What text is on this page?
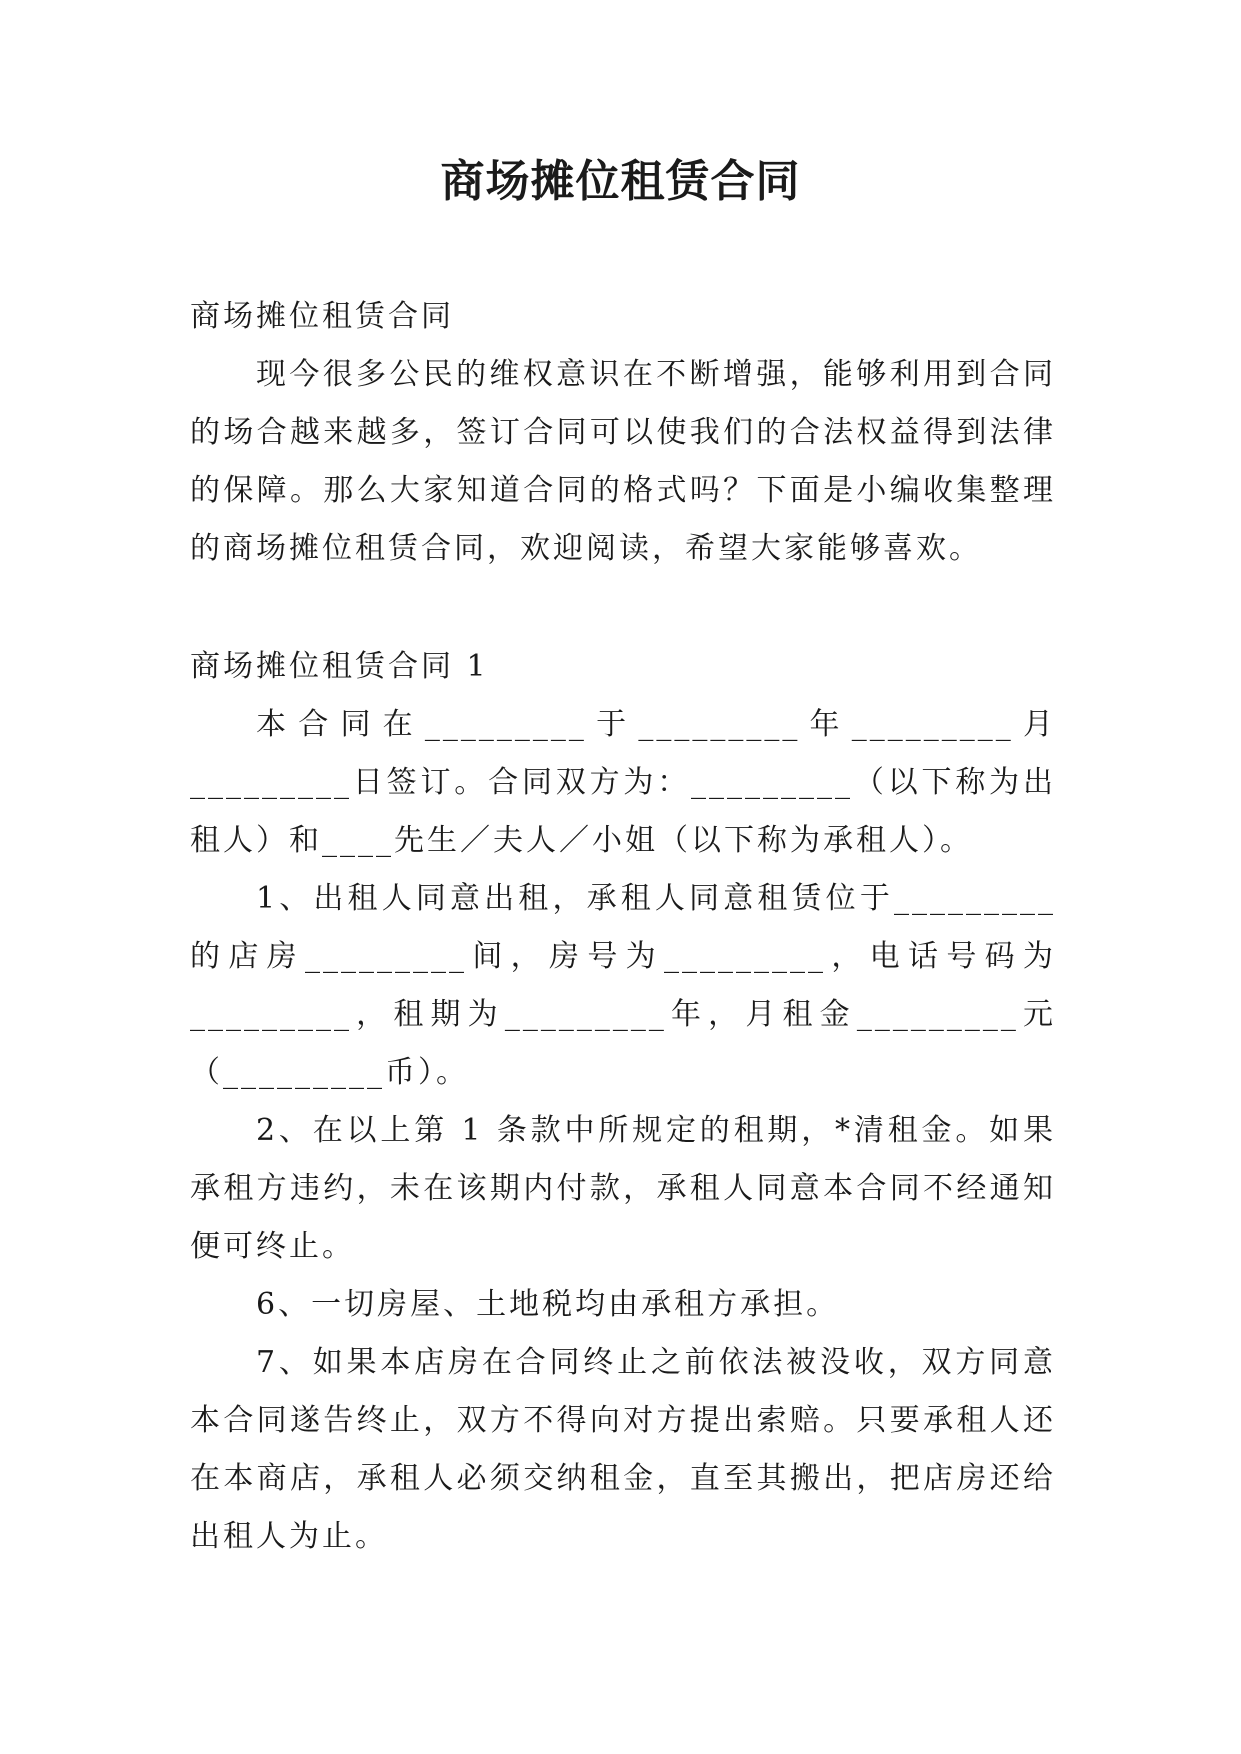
商场摊位租赁合同

商场摊位租赁合同

现今很多公民的维权意识在不断增强，能够利用到合同的场合越来越多，签订合同可以使我们的合法权益得到法律的保障。那么大家知道合同的格式吗？下面是小编收集整理的商场摊位租赁合同，欢迎阅读，希望大家能够喜欢。

商场摊位租赁合同 1

本合同在_________于_________年_________月_________日签订。合同双方为：_________（以下称为出租人）和____先生／夫人／小姐（以下称为承租人）。

1、出租人同意出租，承租人同意租赁位于_________的店房_________间，房号为_________，电话号码为_________，租期为_________年，月租金_________元（_________币）。

2、在以上第 1 条款中所规定的租期，*清租金。如果承租方违约，未在该期内付款，承租人同意本合同不经通知便可终止。

6、一切房屋、土地税均由承租方承担。

7、如果本店房在合同终止之前依法被没收，双方同意本合同遂告终止，双方不得向对方提出索赔。只要承租人还在本商店，承租人必须交纳租金，直至其搬出，把店房还给出租人为止。
